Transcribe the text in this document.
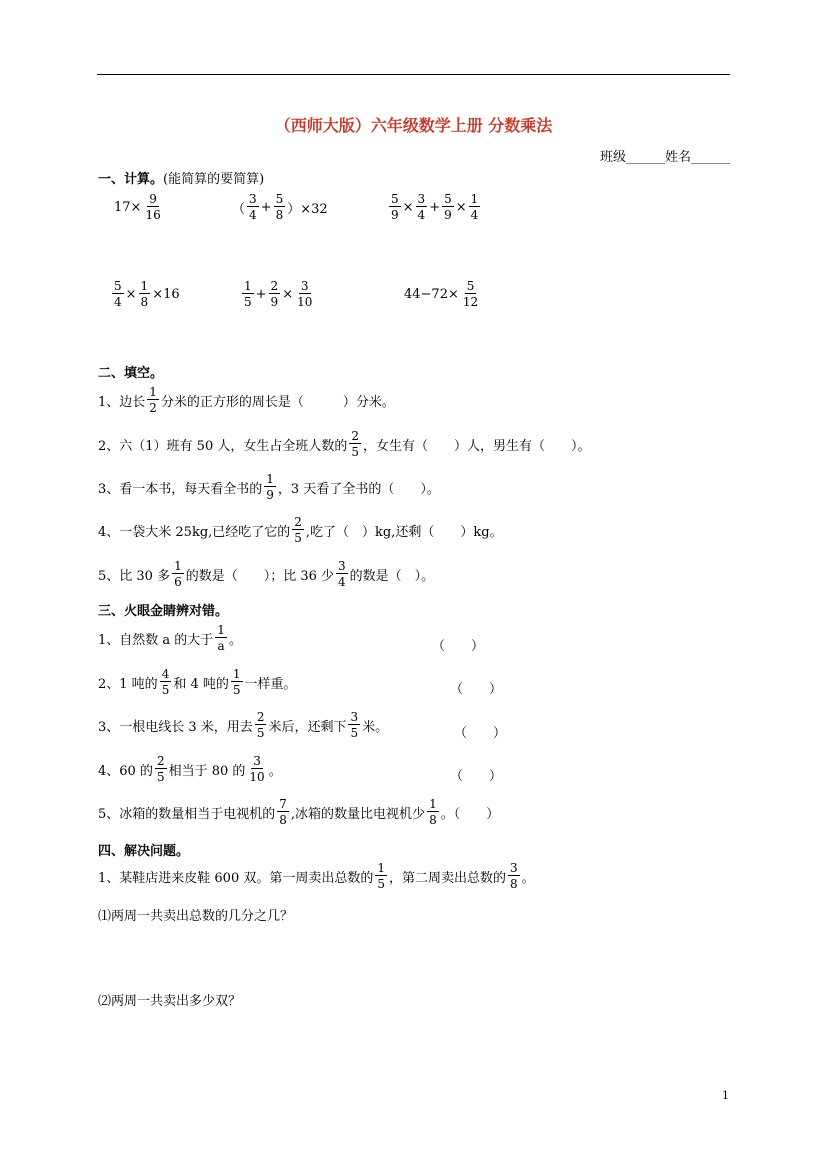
（西师大版）六年级数学上册 分数乘法
班级______姓名______
一、计算。(能简算的要简算)
$17\times \frac{9}{16}$	（ $\frac{3}{4} + \frac{5}{8} )\times 32$	$\frac{5}{9} \times \frac{3}{4} + \frac{5}{9} \times \frac{1}{4}$
$\frac{5}{4} \times \frac{1}{8} \times 16$	$\frac{1}{5} + \frac{2}{9} \times \frac{3}{10}$	$44-72\times \frac{5}{12}$
二、填空。
1、边长 $\frac{1}{2}$ 分米的正方形的周长是（　　　）分米。
2、六（1）班有 50 人，女生占全班人数的 $\frac{2}{5}$ ，女生有（　　）人，男生有（　　）。
3、看一本书，每天看全书的 $\frac{1}{9}$ ，3 天看了全书的（　　）。
4、一袋大米 25kg,已经吃了它的 $\frac{2}{5}$ ,吃了（　）kg,还剩（　　）kg。
5、比 30 多 $\frac{1}{6}$ 的数是（　　）；比 36 少 $\frac{3}{4}$ 的数是（　）。
三、火眼金睛辨对错。
1、自然数 a 的大于 $\frac{1}{a}$ 。	（　　）
2、1 吨的 $\frac{4}{5}$ 和 4 吨的 $\frac{1}{5}$ 一样重。	（　　）
3、一根电线长 3 米，用去 $\frac{2}{5}$ 米后，还剩下 $\frac{3}{5}$ 米。	（　　）
4、60 的 $\frac{2}{5}$ 相当于 80 的 $\frac{3}{10}$ 。	（　　）
5、冰箱的数量相当于电视机的 $\frac{7}{8}$ ,冰箱的数量比电视机少 $\frac{1}{8}$ 。（　　）
四、解决问题。
1、某鞋店进来皮鞋 600 双。第一周卖出总数的 $\frac{1}{5}$ ，第二周卖出总数的 $\frac{3}{8}$ 。
⑴两周一共卖出总数的几分之几？
⑵两周一共卖出多少双？
1
